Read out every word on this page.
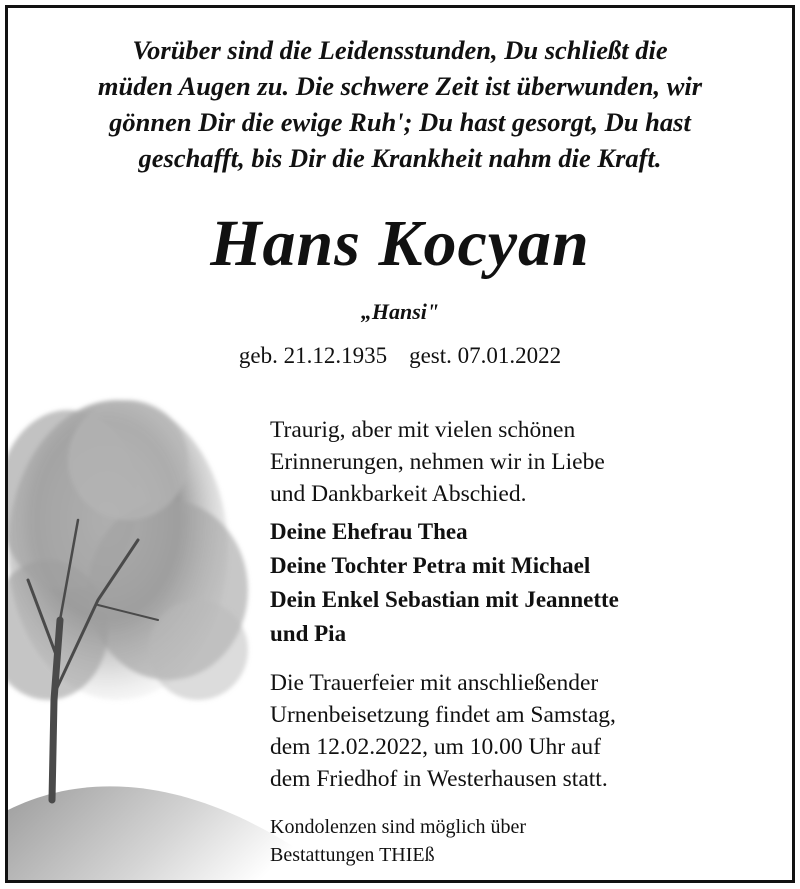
Vorüber sind die Leidensstunden, Du schließt die
müden Augen zu. Die schwere Zeit ist überwunden, wir
gönnen Dir die ewige Ruh'; Du hast gesorgt, Du hast
geschafft, bis Dir die Krankheit nahm die Kraft.

Hans Kocyan

„Hansi"

geb. 21.12.1935 gest. 07.01.2022

Traurig, aber mit vielen schönen
Erinnerungen, nehmen wir in Liebe
und Dankbarkeit Abschied.

Deine Ehefrau Thea
Deine Tochter Petra mit Michael
Dein Enkel Sebastian mit Jeannette
und Pia

Die Trauerfeier mit anschließender
Urnenbeisetzung findet am Samstag,
dem 12.02.2022, um 10.00 Uhr auf
dem Friedhof in Westerhausen statt.

Kondolenzen sind möglich über
Bestattungen THIEß
